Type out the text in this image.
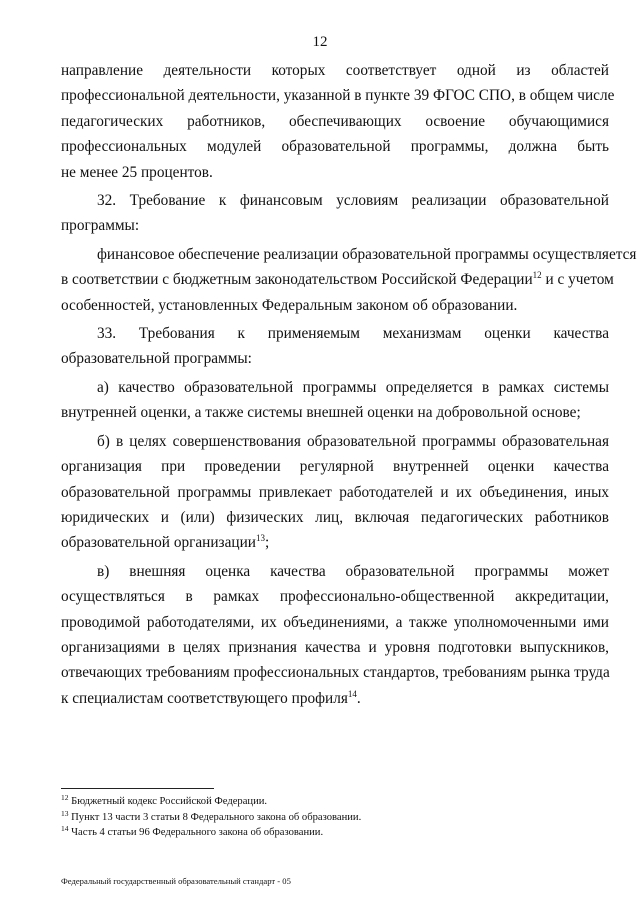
12
направление деятельности которых соответствует одной из областей
профессиональной деятельности, указанной в пункте 39 ФГОС СПО, в общем числе
педагогических работников, обеспечивающих освоение обучающимися
профессиональных модулей образовательной программы, должна быть
не менее 25 процентов.
32. Требование к финансовым условиям реализации образовательной
программы:
финансовое обеспечение реализации образовательной программы осуществляется
в соответствии с бюджетным законодательством Российской Федерации$^{12}$ и с учетом
особенностей, установленных Федеральным законом об образовании.
33. Требования к применяемым механизмам оценки качества
образовательной программы:
а) качество образовательной программы определяется в рамках системы
внутренней оценки, а также системы внешней оценки на добровольной основе;
б) в целях совершенствования образовательной программы образовательная
организация при проведении регулярной внутренней оценки качества
образовательной программы привлекает работодателей и их объединения, иных
юридических и (или) физических лиц, включая педагогических работников
образовательной организации$^{13}$;
в) внешняя оценка качества образовательной программы может
осуществляться в рамках профессионально-общественной аккредитации,
проводимой работодателями, их объединениями, а также уполномоченными ими
организациями в целях признания качества и уровня подготовки выпускников,
отвечающих требованиям профессиональных стандартов, требованиям рынка труда
к специалистам соответствующего профиля$^{14}$.
$^{12}$ Бюджетный кодекс Российской Федерации.
$^{13}$ Пункт 13 части 3 статьи 8 Федерального закона об образовании.
$^{14}$ Часть 4 статьи 96 Федерального закона об образовании.
Федеральный государственный образовательный стандарт - 05
